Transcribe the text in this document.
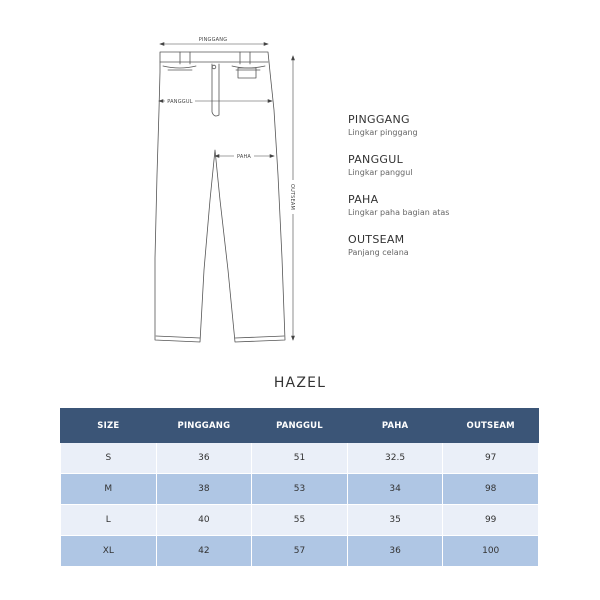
PINGGANG
PANGGUL
PAHA
OUTSEAM
PINGGANG
Lingkar pinggang
PANGGUL
Lingkar panggul
PAHA
Lingkar paha bagian atas
OUTSEAM
Panjang celana
HAZEL
SIZE	PINGGANG	PANGGUL	PAHA	OUTSEAM
S	36	51	32.5	97
M	38	53	34	98
L	40	55	35	99
XL	42	57	36	100
